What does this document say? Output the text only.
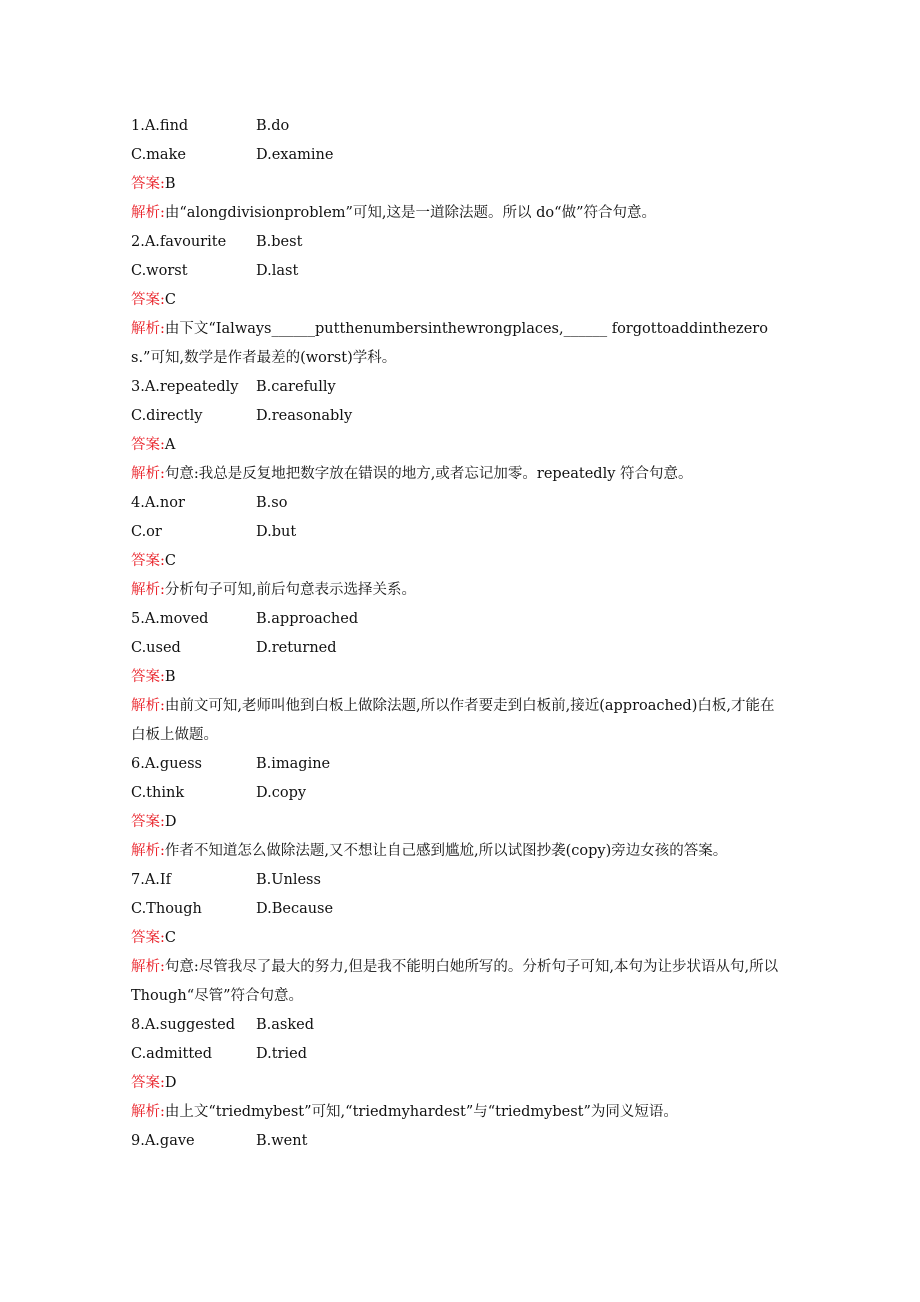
1.A.find	B.do
C.make	D.examine
答案:B
解析:由“alongdivisionproblem”可知,这是一道除法题。所以 do“做”符合句意。
2.A.favourite B.best
C.worst	D.last
答案:C
解析:由下文“Ialways______putthenumbersinthewrongplaces,______ forgottoaddinthezeros.”可知,数学是作者最差的(worst)学科。
3.A.repeatedly B.carefully
C.directly	D.reasonably
答案:A
解析:句意:我总是反复地把数字放在错误的地方,或者忘记加零。repeatedly 符合句意。
4.A.nor	B.so
C.or	D.but
答案:C
解析:分析句子可知,前后句意表示选择关系。
5.A.moved	B.approached
C.used	D.returned
答案:B
解析:由前文可知,老师叫他到白板上做除法题,所以作者要走到白板前,接近(approached)白板,才能在白板上做题。
6.A.guess	B.imagine
C.think	D.copy
答案:D
解析:作者不知道怎么做除法题,又不想让自己感到尴尬,所以试图抄袭(copy)旁边女孩的答案。
7.A.If	B.Unless
C.Though	D.Because
答案:C
解析:句意:尽管我尽了最大的努力,但是我不能明白她所写的。分析句子可知,本句为让步状语从句,所以 Though“尽管”符合句意。
8.A.suggested B.asked
C.admitted	D.tried
答案:D
解析:由上文“triedmybest”可知,“triedmyhardest”与“triedmybest”为同义短语。
9.A.gave	B.went
